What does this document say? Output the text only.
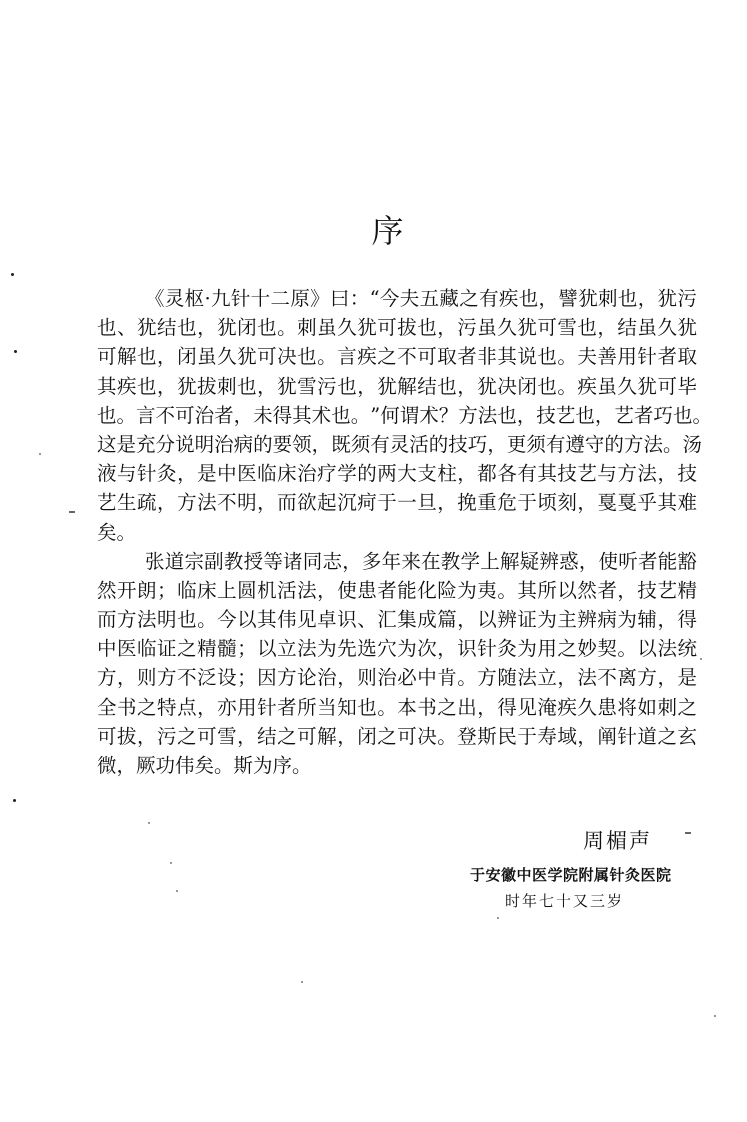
序
《 灵 枢 · 九 针 十 二 原 》 曰 ： “ 今 夫 五 藏 之 有 疾 也 ， 譬 犹 刺 也 ， 犹 污
也 、 犹 结 也 ， 犹 闭 也 。 刺 虽 久 犹 可 拔 也 ， 污 虽 久 犹 可 雪 也 ， 结 虽 久 犹
可 解 也 ， 闭 虽 久 犹 可 决 也 。 言 疾 之 不 可 取 者 非 其 说 也 。 夫 善 用 针 者 取
其 疾 也 ， 犹 拔 刺 也 ， 犹 雪 污 也 ， 犹 解 结 也 ， 犹 决 闭 也 。 疾 虽 久 犹 可 毕
也 。 言 不 可 治 者 ， 未 得 其 术 也 。 ” 何 谓 术 ？ 方 法 也 ， 技 艺 也 ， 艺 者 巧 也 。
这 是 充 分 说 明 治 病 的 要 领 ， 既 须 有 灵 活 的 技 巧 ， 更 须 有 遵 守 的 方 法 。 汤
液 与 针 灸 ， 是 中 医 临 床 治 疗 学 的 两 大 支 柱 ， 都 各 有 其 技 艺 与 方 法 ， 技
艺 生 疏 ， 方 法 不 明 ， 而 欲 起 沉 疴 于 一 旦 ， 挽 重 危 于 顷 刻 ， 戛 戛 乎 其 难
矣。
张 道 宗 副 教 授 等 诸 同 志 ， 多 年 来 在 教 学 上 解 疑 辨 惑 ， 使 听 者 能 豁
然 开 朗 ； 临 床 上 圆 机 活 法 ， 使 患 者 能 化 险 为 夷 。 其 所 以 然 者 ， 技 艺 精
而 方 法 明 也 。 今 以 其 伟 见 卓 识 、 汇 集 成 篇 ， 以 辨 证 为 主 辨 病 为 辅 ， 得
中 医 临 证 之 精 髓 ； 以 立 法 为 先 选 穴 为 次 ， 识 针 灸 为 用 之 妙 契 。 以 法 统
方 ， 则 方 不 泛 设 ； 因 方 论 治 ， 则 治 必 中 肯 。 方 随 法 立 ， 法 不 离 方 ， 是
全 书 之 特 点 ， 亦 用 针 者 所 当 知 也 。 本 书 之 出 ， 得 见 淹 疾 久 患 将 如 刺 之
可 拔 ， 污 之 可 雪 ， 结 之 可 解 ， 闭 之 可 决 。 登 斯 民 于 寿 域 ， 阐 针 道 之 玄
微，厥功伟矣。斯为序。
周楣声
于安徽中医学院附属针灸医院
时年七十又三岁
